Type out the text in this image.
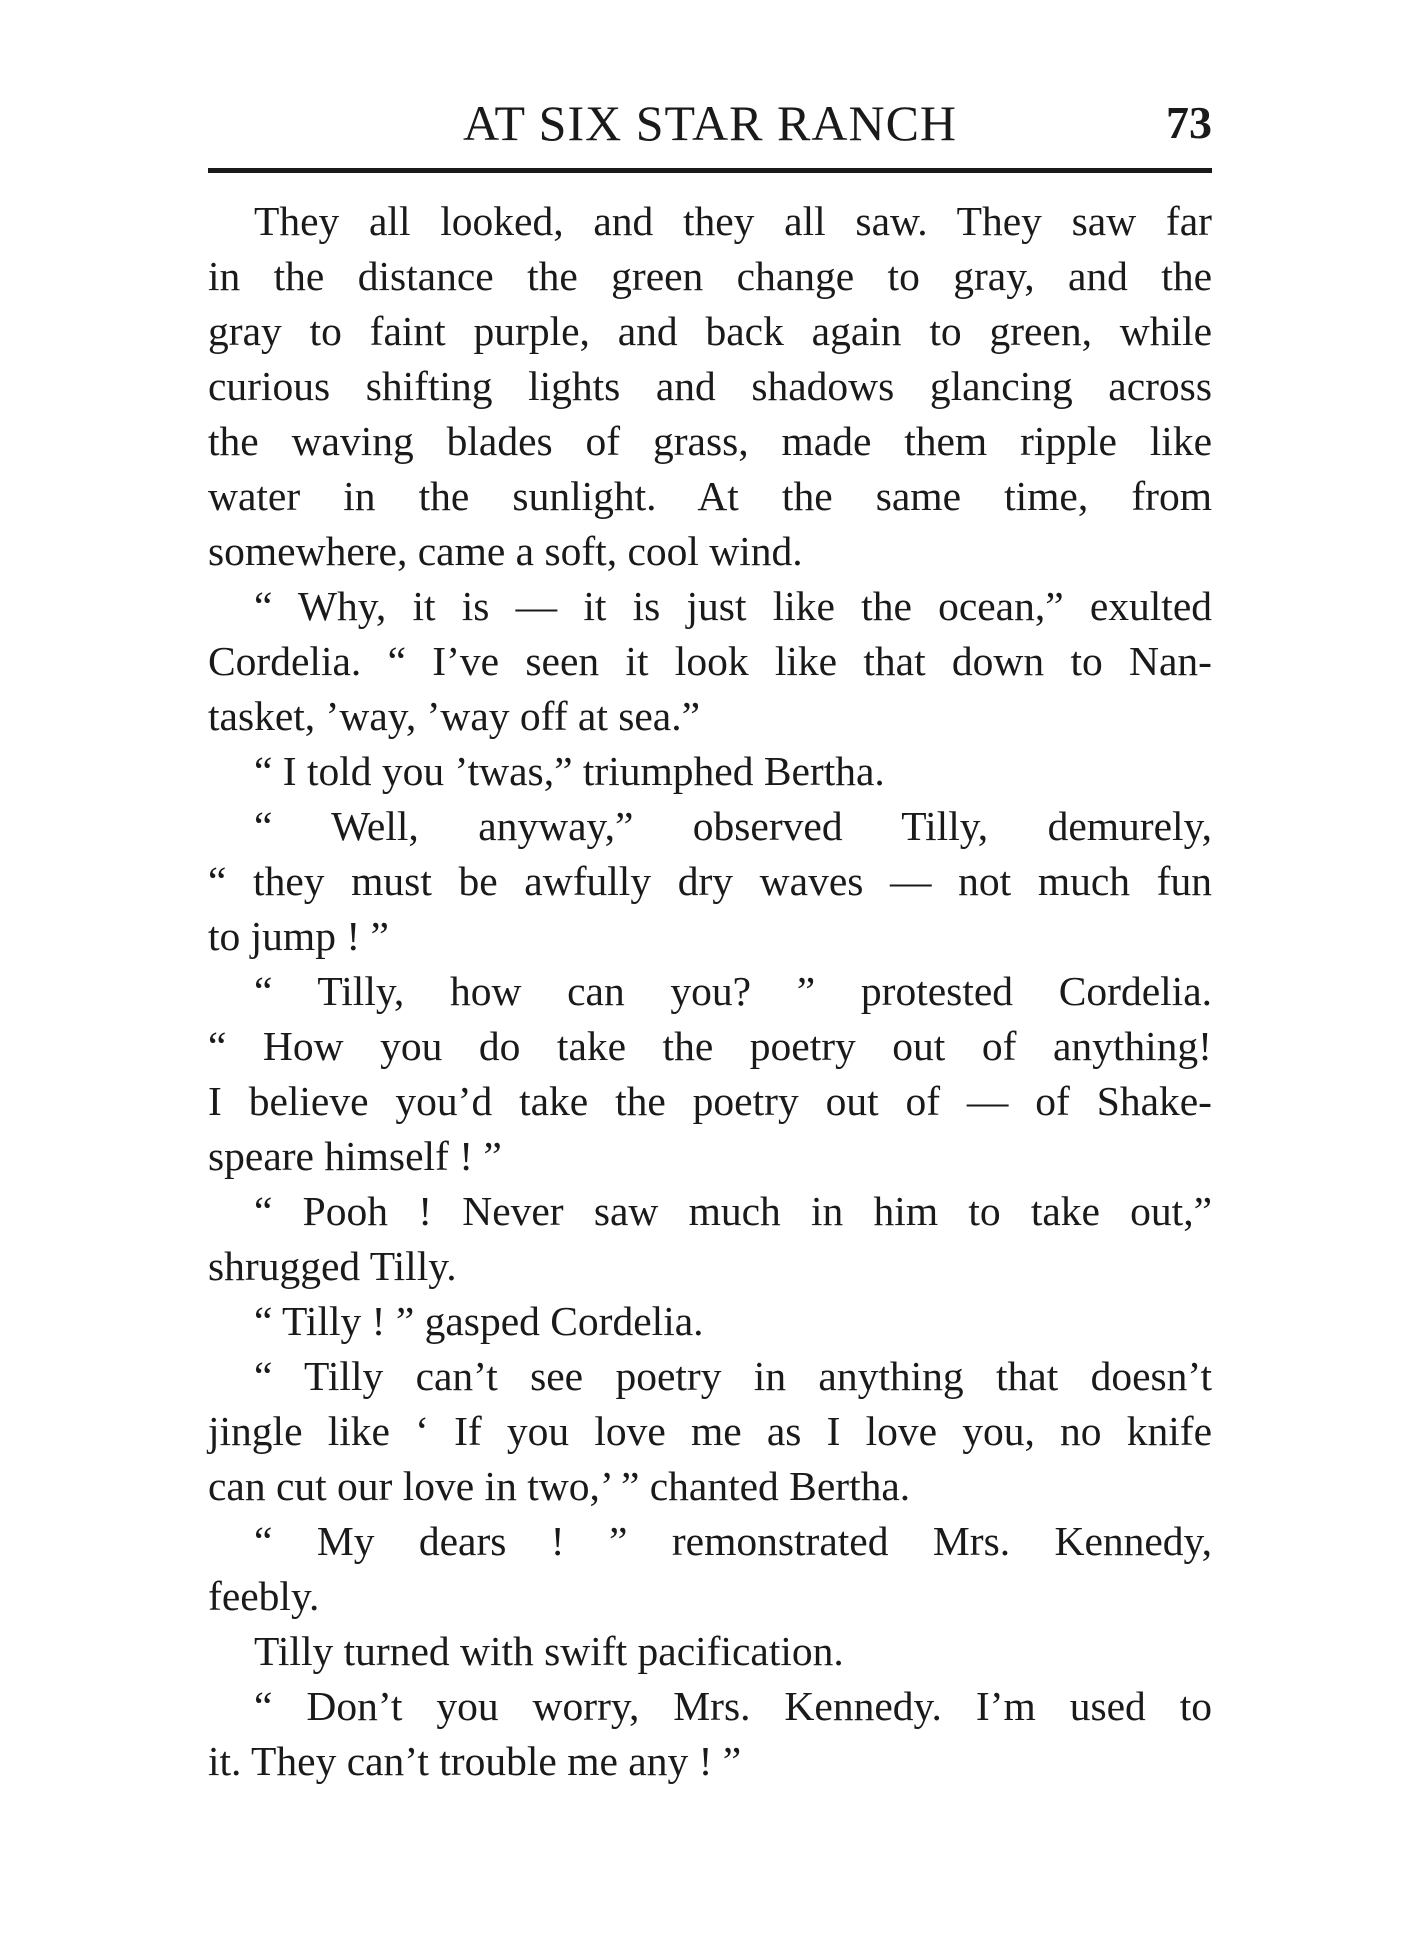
AT SIX STAR RANCH	73
They all looked, and they all saw. They saw far
in the distance the green change to gray, and the
gray to faint purple, and back again to green, while
curious shifting lights and shadows glancing across
the waving blades of grass, made them ripple like
water in the sunlight. At the same time, from
somewhere, came a soft, cool wind.
“ Why, it is — it is just like the ocean,” exulted
Cordelia. “ I’ve seen it look like that down to Nan-
tasket, ’way, ’way off at sea.”
“ I told you ’twas,” triumphed Bertha.
“ Well, anyway,” observed Tilly, demurely,
“ they must be awfully dry waves — not much fun
to jump ! ”
“ Tilly, how can you? ” protested Cordelia.
“ How you do take the poetry out of anything!
I believe you’d take the poetry out of — of Shake-
speare himself ! ”
“ Pooh ! Never saw much in him to take out,”
shrugged Tilly.
“ Tilly ! ” gasped Cordelia.
“ Tilly can’t see poetry in anything that doesn’t
jingle like ‘ If you love me as I love you, no knife
can cut our love in two,’ ” chanted Bertha.
“ My dears ! ” remonstrated Mrs. Kennedy,
feebly.
Tilly turned with swift pacification.
“ Don’t you worry, Mrs. Kennedy. I’m used to
it. They can’t trouble me any ! ”
